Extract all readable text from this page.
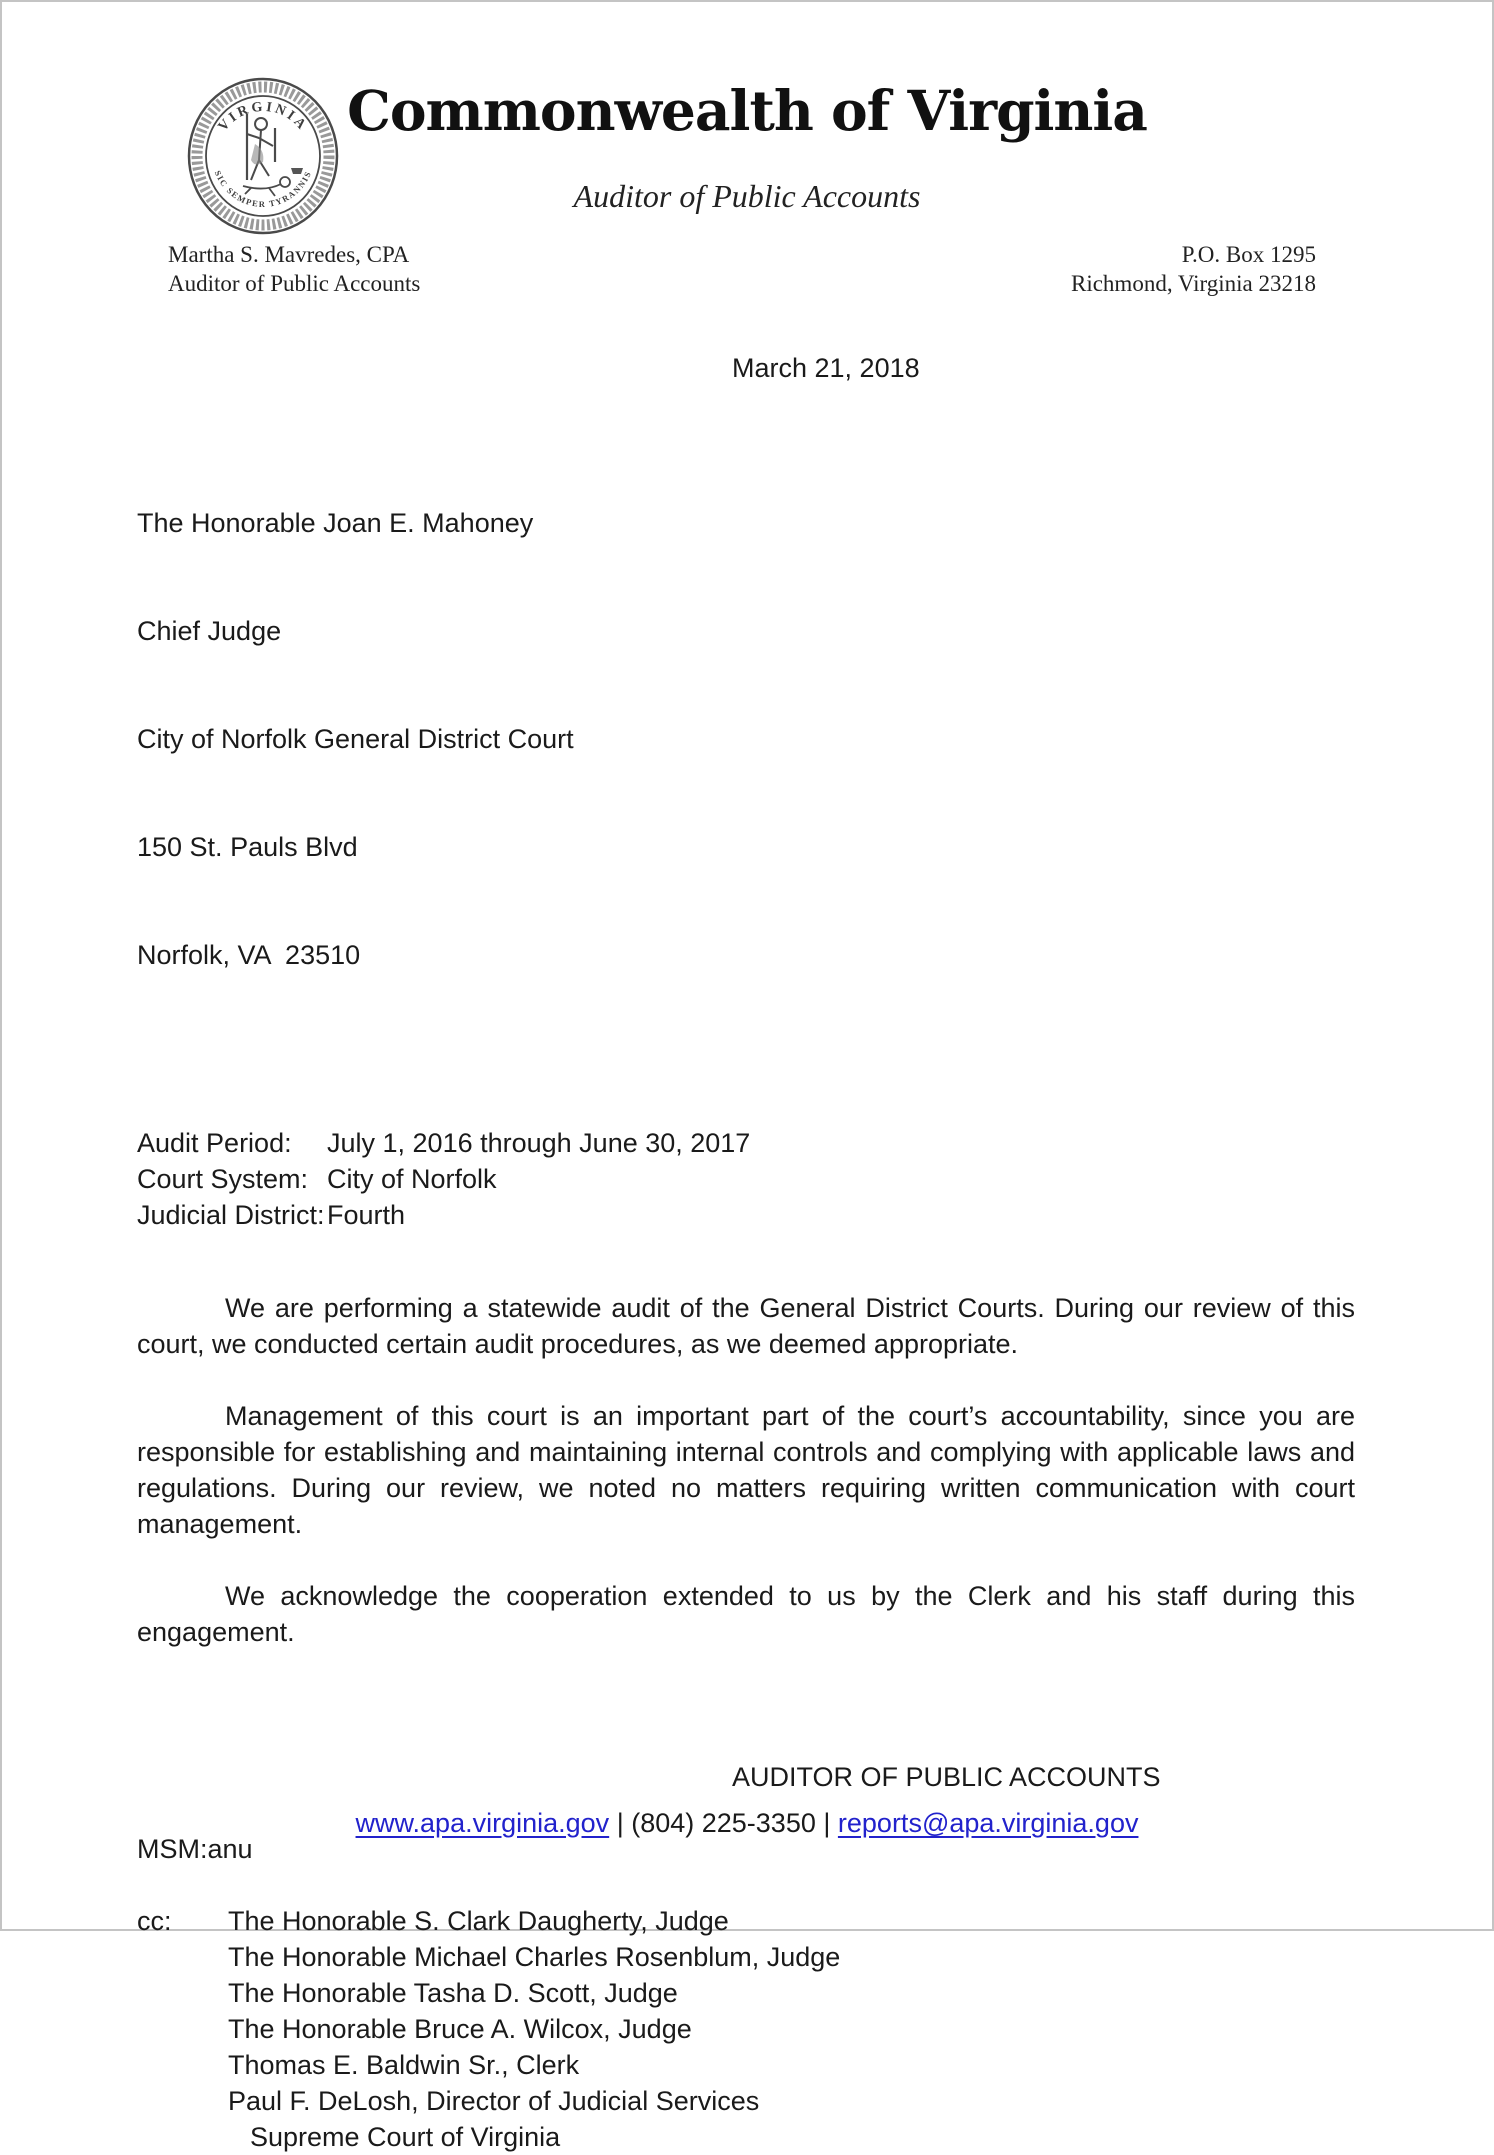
VIRGINIA
SIC SEMPER TYRANNIS
Commonwealth of Virginia
Auditor of Public Accounts
Martha S. Mavredes, CPA
Auditor of Public Accounts
P.O. Box 1295
Richmond, Virginia 23218
March 21, 2018

The Honorable Joan E. Mahoney

Chief Judge

City of Norfolk General District Court

150 St. Pauls Blvd

Norfolk, VA  23510

Audit Period:	July 1, 2016 through June 30, 2017
Court System: City of Norfolk
Judicial District: Fourth

We are performing a statewide audit of the General District Courts. During our review of this court, we conducted certain audit procedures, as we deemed appropriate.

Management of this court is an important part of the court’s accountability, since you are responsible for establishing and maintaining internal controls and complying with applicable laws and regulations. During our review, we noted no matters requiring written communication with court management.

We acknowledge the cooperation extended to us by the Clerk and his staff during this engagement.

AUDITOR OF PUBLIC ACCOUNTS
MSM:anu
cc:	The Honorable S. Clark Daugherty, Judge
The Honorable Michael Charles Rosenblum, Judge
The Honorable Tasha D. Scott, Judge
The Honorable Bruce A. Wilcox, Judge
Thomas E. Baldwin Sr., Clerk
Paul F. DeLosh, Director of Judicial Services
Supreme Court of Virginia
www.apa.virginia.gov | (804) 225-3350 | reports@apa.virginia.gov
